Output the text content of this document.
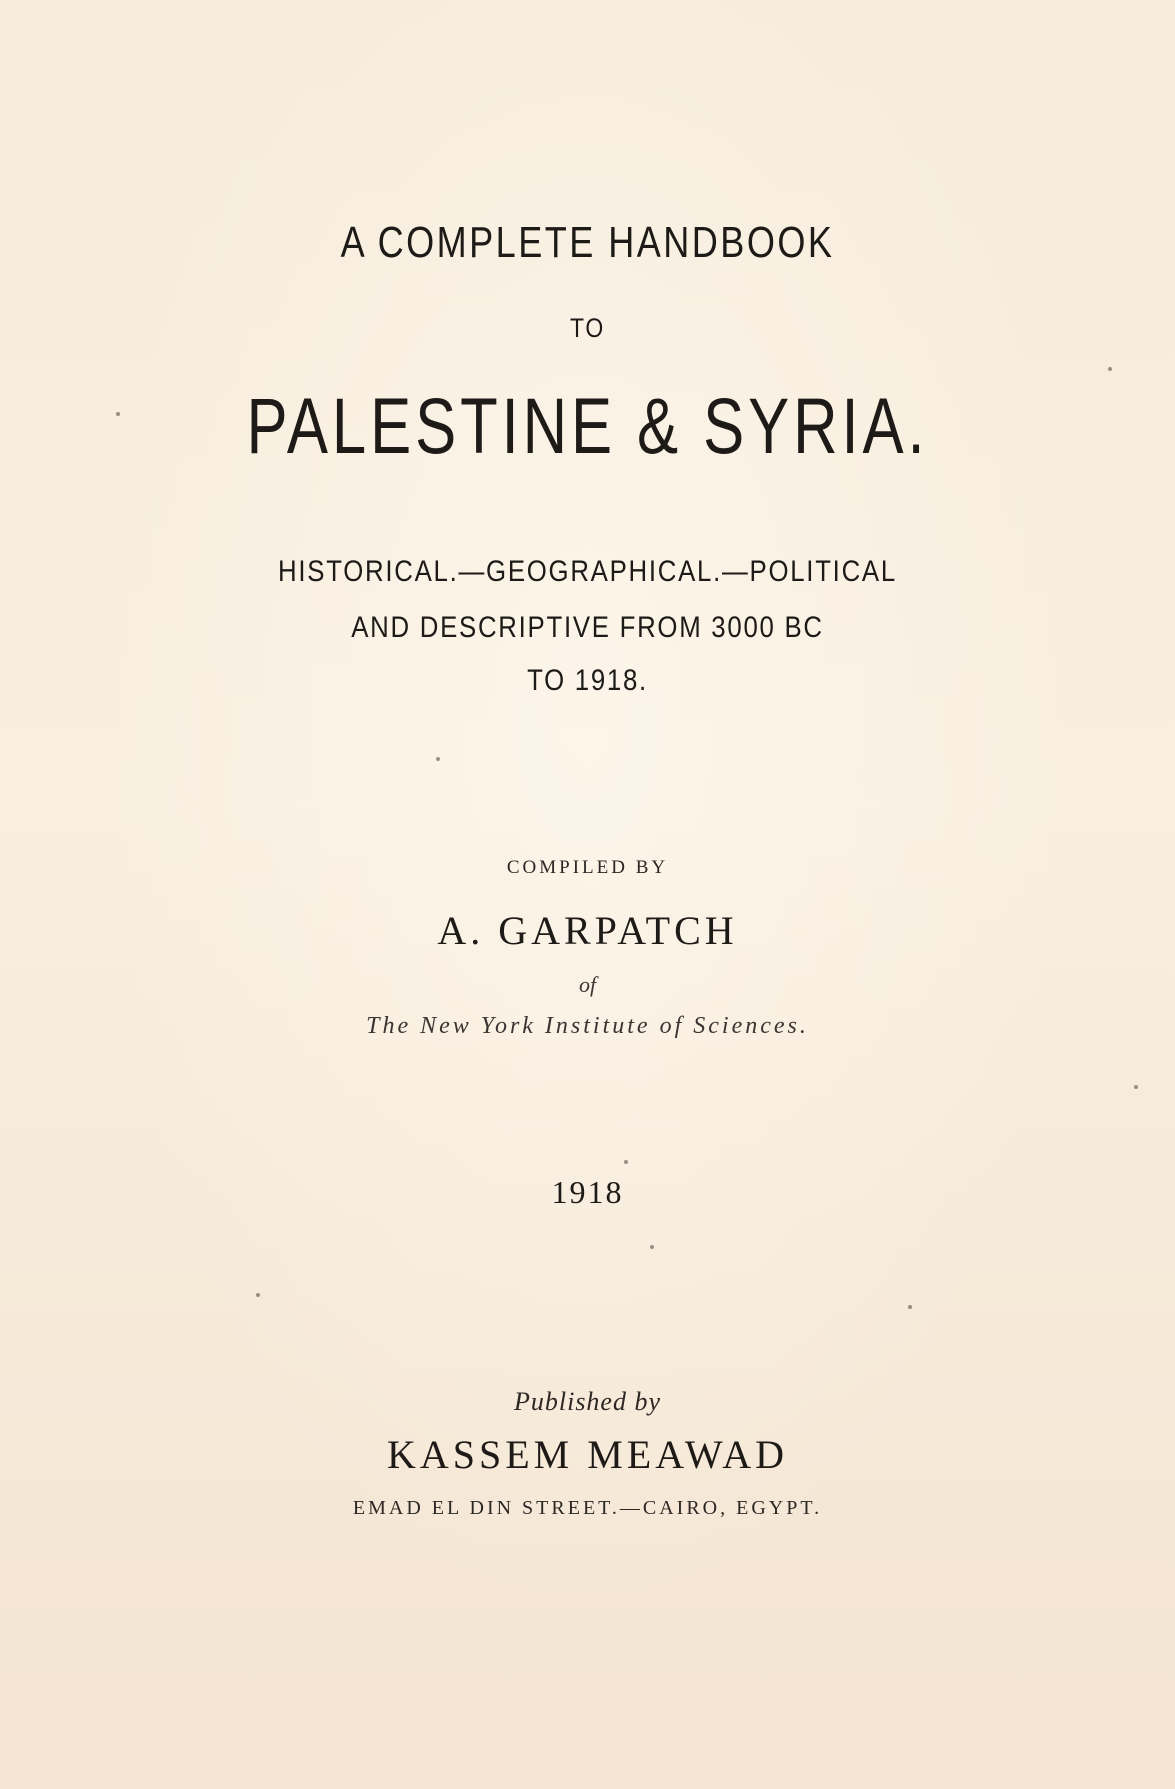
A COMPLETE HANDBOOK
TO
PALESTINE & SYRIA.
HISTORICAL.—GEOGRAPHICAL.—POLITICAL
AND DESCRIPTIVE FROM 3000 BC
TO 1918.
COMPILED BY
A. GARPATCH
of
The New York Institute of Sciences.
1918
Published by
KASSEM MEAWAD
EMAD EL DIN STREET.—CAIRO, EGYPT.
